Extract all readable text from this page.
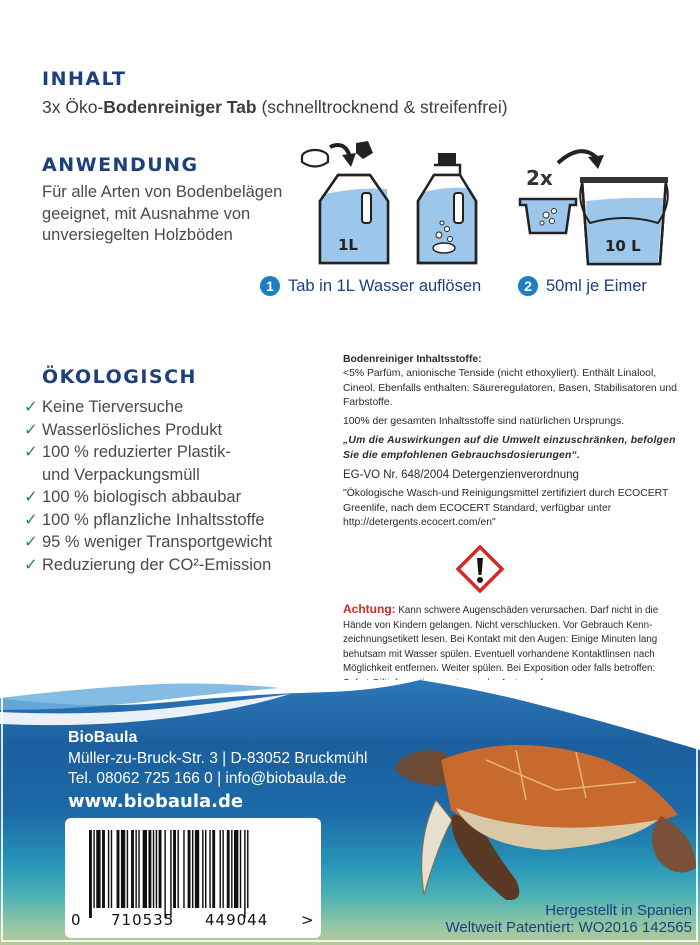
INHALT
3x Öko-Bodenreiniger Tab (schnelltrocknend & streifenfrei)
ANWENDUNG
Für alle Arten von Bodenbelägen geeignet, mit Ausnahme von unversiegelten Holzböden
1L
2x
10 L
1 Tab in 1L Wasser auflösen	2 50ml je Eimer
ÖKOLOGISCH
✓ Keine Tierversuche
✓ Wasserlösliches Produkt
✓ 100 % reduzierter Plastik-
und Verpackungsmüll
✓ 100 % biologisch abbaubar
✓ 100 % pflanzliche Inhaltsstoffe
✓ 95 % weniger Transportgewicht
✓ Reduzierung der CO²-Emission

Bodenreiniger Inhaltsstoffe:

<5% Parfüm, anionische Tenside (nicht ethoxyliert). Enthält Linalool, Cineol. Ebenfalls enthalten: Säureregulatoren, Basen, Stabilisatoren und Farbstoffe.

100% der gesamten Inhaltsstoffe sind natürlichen Ursprungs.

„Um die Auswirkungen auf die Umwelt einzuschränken, befolgen Sie die empfohlenen Gebrauchsdosierungen“.

EG-VO Nr. 648/2004 Detergenzienverordnung

"Ökologische Wasch-und Reinigungsmittel zertifiziert durch ECOCERT Greenlife, nach dem ECOCERT Standard, verfügbar unter http://detergents.ecocert.com/en"

Achtung: Kann schwere Augenschäden verursachen. Darf nicht in die Hände von Kindern gelangen. Nicht verschlucken. Vor Gebrauch Kenn-zeichnungsetikett lesen. Bei Kontakt mit den Augen: Einige Minuten lang behutsam mit Wasser spülen. Eventuell vorhandene Kontaktlinsen nach Möglichkeit entfernen. Weiter spülen. Bei Exposition oder falls betroffen:

BioBaula
Müller-zu-Bruck-Str. 3 | D-83052 Bruckmühl
Tel. 08062 725 166 0 | info@biobaula.de
www.biobaula.de
0 710535 449044 >
Hergestellt in Spanien
Weltweit Patentiert: WO2016 142565
